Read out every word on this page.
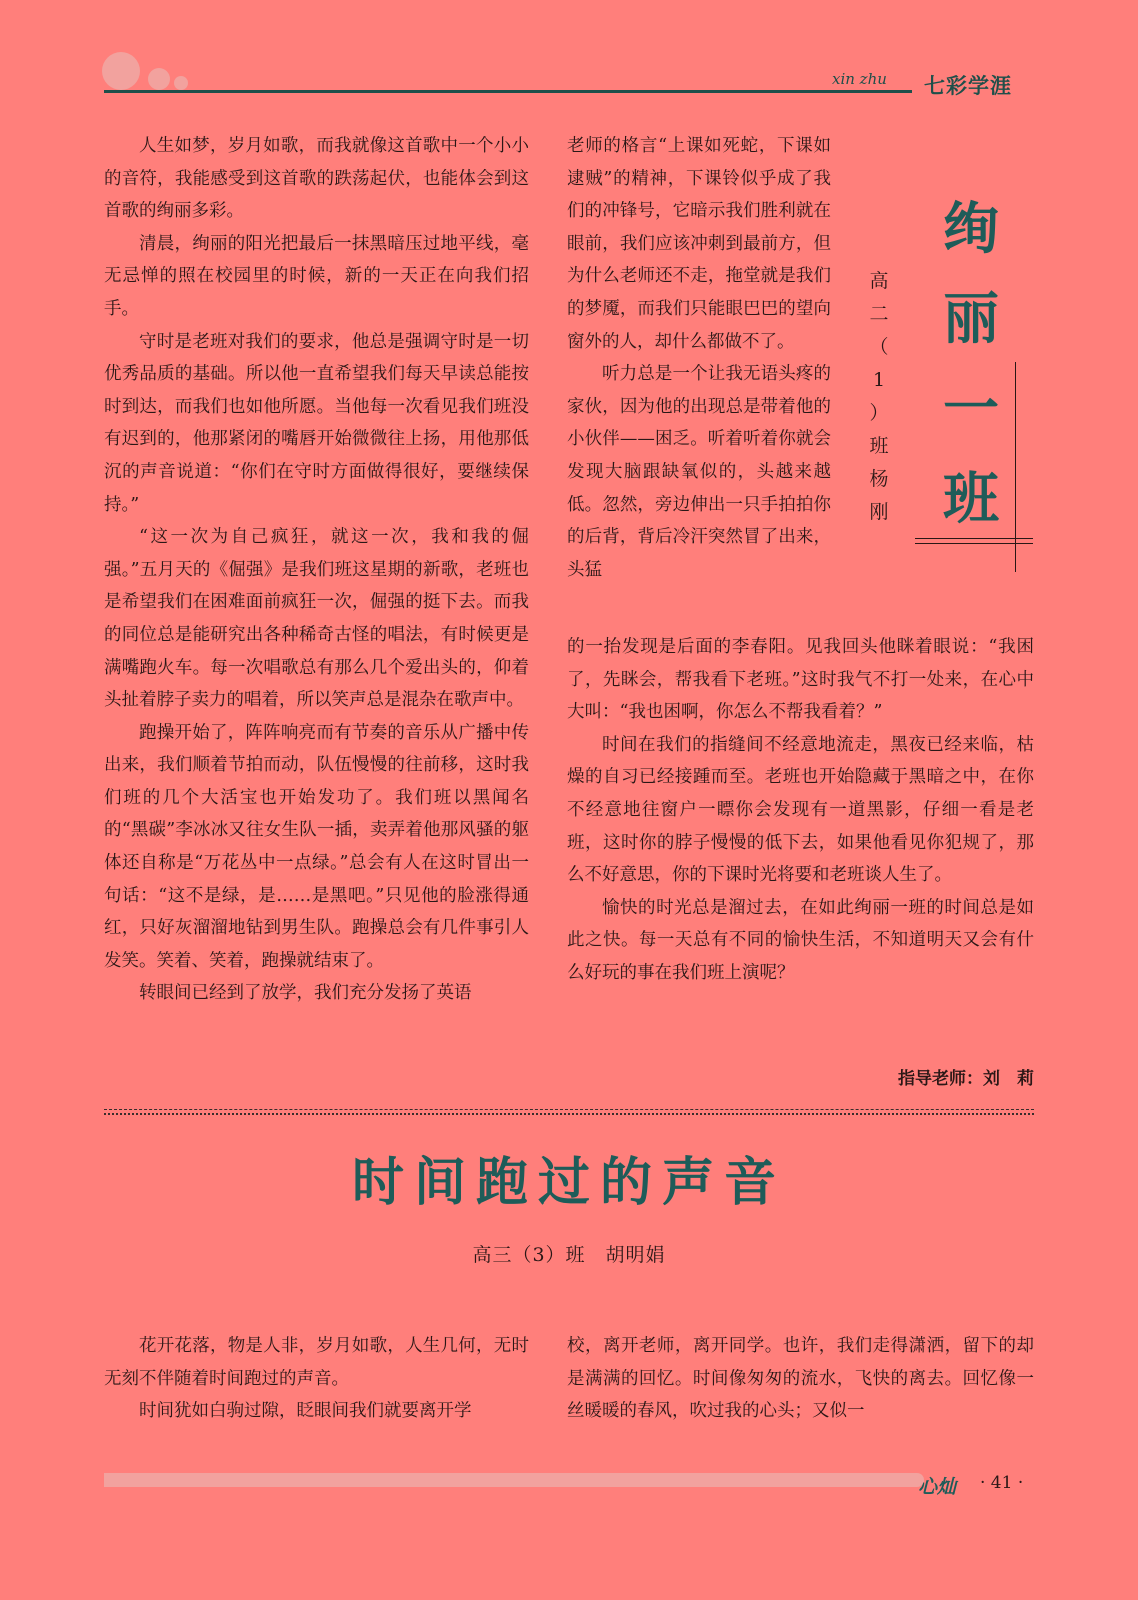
xin zhu 七彩学涯

人生如梦，岁月如歌，而我就像这首歌中一个小小的音符，我能感受到这首歌的跌荡起伏，也能体会到这首歌的绚丽多彩。

清晨，绚丽的阳光把最后一抹黑暗压过地平线，毫无忌惮的照在校园里的时候，新的一天正在向我们招手。

守时是老班对我们的要求，他总是强调守时是一切优秀品质的基础。所以他一直希望我们每天早读总能按时到达，而我们也如他所愿。当他每一次看见我们班没有迟到的，他那紧闭的嘴唇开始微微往上扬，用他那低沉的声音说道：“你们在守时方面做得很好，要继续保持。”

“这一次为自己疯狂，就这一次，我和我的倔强。”五月天的《倔强》是我们班这星期的新歌，老班也是希望我们在困难面前疯狂一次，倔强的挺下去。而我的同位总是能研究出各种稀奇古怪的唱法，有时候更是满嘴跑火车。每一次唱歌总有那么几个爱出头的，仰着头扯着脖子卖力的唱着，所以笑声总是混杂在歌声中。

跑操开始了，阵阵响亮而有节奏的音乐从广播中传出来，我们顺着节拍而动，队伍慢慢的往前移，这时我们班的几个大活宝也开始发功了。我们班以黑闻名的“黑碳”李冰冰又往女生队一插，卖弄着他那风骚的躯体还自称是“万花丛中一点绿。”总会有人在这时冒出一句话：“这不是绿，是……是黑吧。”只见他的脸涨得通红，只好灰溜溜地钻到男生队。跑操总会有几件事引人发笑。笑着、笑着，跑操就结束了。

转眼间已经到了放学，我们充分发扬了英语

老师的格言“上课如死蛇，下课如逮贼”的精神，下课铃似乎成了我们的冲锋号，它暗示我们胜利就在眼前，我们应该冲刺到最前方，但为什么老师还不走，拖堂就是我们的梦魇，而我们只能眼巴巴的望向窗外的人，却什么都做不了。

听力总是一个让我无语头疼的家伙，因为他的出现总是带着他的小伙伴——困乏。听着听着你就会发现大脑跟缺氧似的，头越来越低。忽然，旁边伸出一只手拍拍你的后背，背后冷汗突然冒了出来，头猛

的一抬发现是后面的李春阳。见我回头他眯着眼说：“我困了，先眯会，帮我看下老班。”这时我气不打一处来，在心中大叫：“我也困啊，你怎么不帮我看着？”

时间在我们的指缝间不经意地流走，黑夜已经来临，枯燥的自习已经接踵而至。老班也开始隐藏于黑暗之中，在你不经意地往窗户一瞟你会发现有一道黑影，仔细一看是老班，这时你的脖子慢慢的低下去，如果他看见你犯规了，那么不好意思，你的下课时光将要和老班谈人生了。

愉快的时光总是溜过去，在如此绚丽一班的时间总是如此之快。每一天总有不同的愉快生活，不知道明天又会有什么好玩的事在我们班上演呢？

绚丽一班
高
二
（
1
）
班
杨
刚
指导老师：刘　莉
时间跑过的声音
高三（3）班　胡明娟

花开花落，物是人非，岁月如歌，人生几何，无时无刻不伴随着时间跑过的声音。

时间犹如白驹过隙，眨眼间我们就要离开学

校，离开老师，离开同学。也许，我们走得潇洒，留下的却是满满的回忆。时间像匆匆的流水，飞快的离去。回忆像一丝暖暖的春风，吹过我的心头；又似一

心灿 · 41 ·
